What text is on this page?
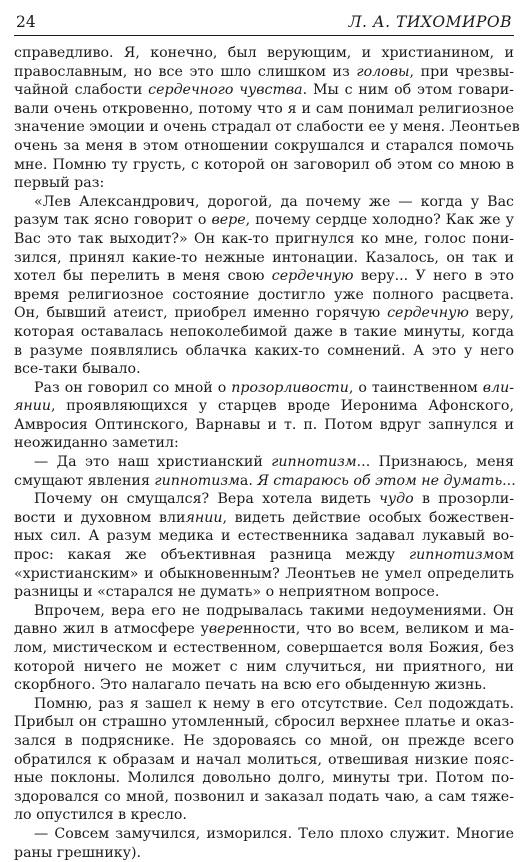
24	Л. А. ТИХОМИРОВ
справедливо. Я, конечно, был верующим, и христианином, и
православным, но все это шло слишком из головы, при чрезвы-
чайной слабости сердечного чувства. Мы с ним об этом говари-
вали очень откровенно, потому что я и сам понимал религиозное
значение эмоции и очень страдал от слабости ее у меня. Леонтьев
очень за меня в этом отношении сокрушался и старался помочь
мне. Помню ту грусть, с которой он заговорил об этом со мною в
первый раз:
«Лев Александрович, дорогой, да почему же — когда у Вас
разум так ясно говорит о вере, почему сердце холодно? Как же у
Вас это так выходит?» Он как-то пригнулся ко мне, голос пони-
зился, принял какие-то нежные интонации. Казалось, он так и
хотел бы перелить в меня свою сердечную веру... У него в это
время религиозное состояние достигло уже полного расцвета.
Он, бывший атеист, приобрел именно горячую сердечную веру,
которая оставалась непоколебимой даже в такие минуты, когда
в разуме появлялись облачка каких-то сомнений. А это у него
все-таки бывало.
Раз он говорил со мной о прозорливости, о таинственном вли-
янии, проявляющихся у старцев вроде Иеронима Афонского,
Амвросия Оптинского, Варнавы и т. п. Потом вдруг запнулся и
неожиданно заметил:
— Да это наш христианский гипнотизм... Признаюсь, меня
смущают явления гипнотизма. Я стараюсь об этом не думать...
Почему он смущался? Вера хотела видеть чудо в прозорли-
вости и духовном влиянии, видеть действие особых божествен-
ных сил. А разум медика и естественника задавал лукавый во-
прос: какая же объективная разница между гипнотизмом
«христианским» и обыкновенным? Леонтьев не умел определить
разницы и «старался не думать» о неприятном вопросе.
Впрочем, вера его не подрывалась такими недоумениями. Он
давно жил в атмосфере уверенности, что во всем, великом и ма-
лом, мистическом и естественном, совершается воля Божия, без
которой ничего не может с ним случиться, ни приятного, ни
скорбного. Это налагало печать на всю его обыденную жизнь.
Помню, раз я зашел к нему в его отсутствие. Сел подождать.
Прибыл он страшно утомленный, сбросил верхнее платье и оказ-
зался в подряснике. Не здороваясь со мной, он прежде всего
обратился к образам и начал молиться, отвешивая низкие пояс-
ные поклоны. Молился довольно долго, минуты три. Потом по-
здоровался со мной, позвонил и заказал подать чаю, а сам тяже-
ло опустился в кресло.
— Совсем замучился, изморился. Тело плохо служит. Многие
раны грешнику).
